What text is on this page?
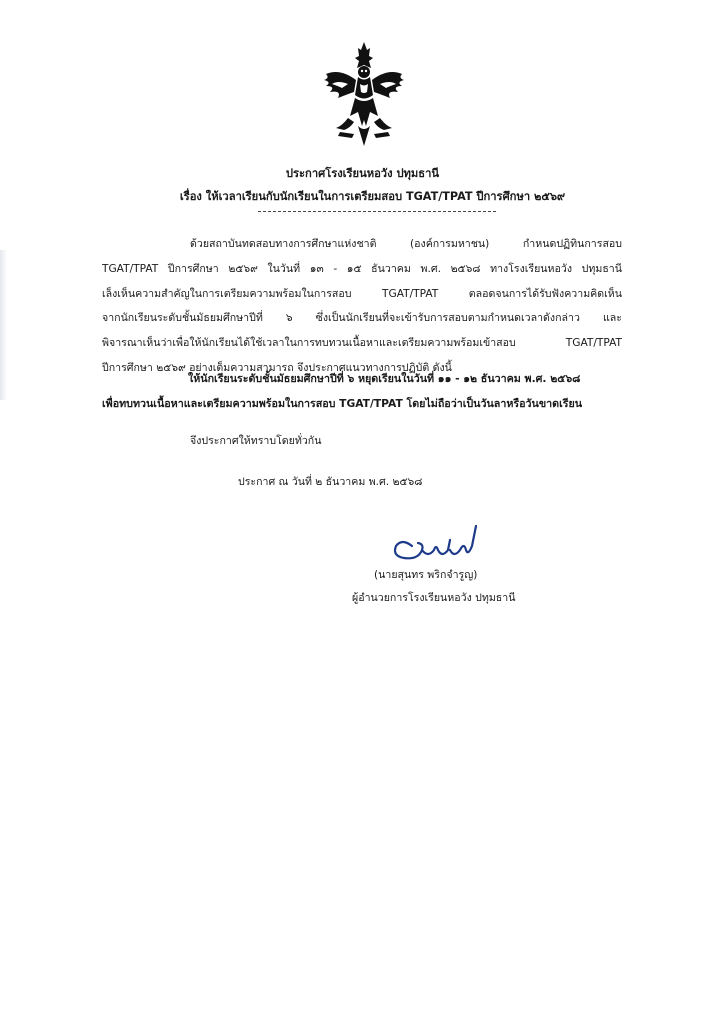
ประกาศโรงเรียนหอวัง ปทุมธานี
เรื่อง ให้เวลาเรียนกับนักเรียนในการเตรียมสอบ TGAT/TPAT ปีการศึกษา ๒๕๖๙
ด้วยสถาบันทดสอบทางการศึกษาแห่งชาติ (องค์การมหาชน) กำหนดปฏิทินการสอบ
TGAT/TPAT ปีการศึกษา ๒๕๖๙ ในวันที่ ๑๓ - ๑๕ ธันวาคม พ.ศ. ๒๕๖๘ ทางโรงเรียนหอวัง ปทุมธานี
เล็งเห็นความสำคัญในการเตรียมความพร้อมในการสอบ TGAT/TPAT ตลอดจนการได้รับฟังความคิดเห็น
จากนักเรียนระดับชั้นมัธยมศึกษาปีที่ ๖ ซึ่งเป็นนักเรียนที่จะเข้ารับการสอบตามกำหนดเวลาดังกล่าว และ
พิจารณาเห็นว่าเพื่อให้นักเรียนได้ใช้เวลาในการทบทวนเนื้อหาและเตรียมความพร้อมเข้าสอบ TGAT/TPAT
ปีการศึกษา ๒๕๖๙ อย่างเต็มความสามารถ จึงประกาศแนวทางการปฏิบัติ ดังนี้
ให้นักเรียนระดับชั้นมัธยมศึกษาปีที่ ๖ หยุดเรียนในวันที่ ๑๑ - ๑๒ ธันวาคม พ.ศ. ๒๕๖๘
เพื่อทบทวนเนื้อหาและเตรียมความพร้อมในการสอบ TGAT/TPAT โดยไม่ถือว่าเป็นวันลาหรือวันขาดเรียน
จึงประกาศให้ทราบโดยทั่วกัน
ประกาศ ณ วันที่ ๒ ธันวาคม พ.ศ. ๒๕๖๘
(นายสุนทร พริกจำรูญ)
ผู้อำนวยการโรงเรียนหอวัง ปทุมธานี
